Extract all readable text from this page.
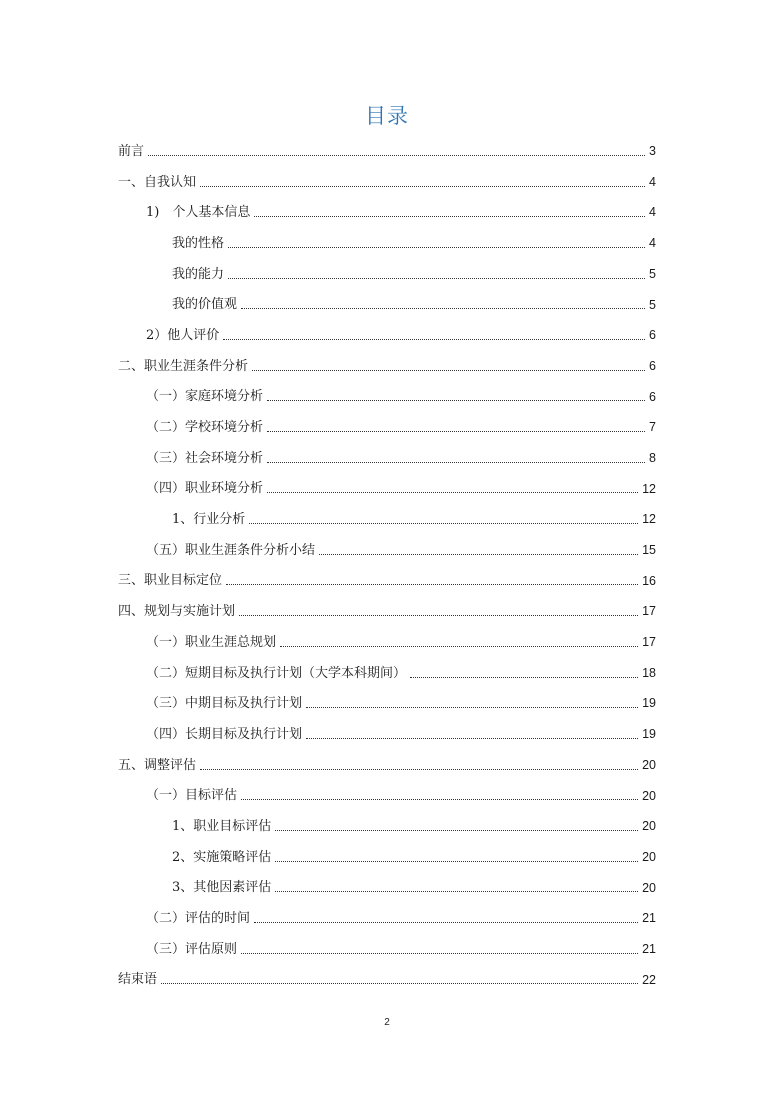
目录
前言	3
一、自我认知	4
1)　个人基本信息	4
我的性格	4
我的能力	5
我的价值观	5
2）他人评价	6
二、职业生涯条件分析	6
（一）家庭环境分析	6
（二）学校环境分析	7
（三）社会环境分析	8
（四）职业环境分析	12
1、行业分析	12
（五）职业生涯条件分析小结	15
三、职业目标定位	16
四、规划与实施计划	17
（一）职业生涯总规划	17
（二）短期目标及执行计划（大学本科期间）	18
（三）中期目标及执行计划	19
（四）长期目标及执行计划	19
五、调整评估	20
（一）目标评估	20
1、职业目标评估	20
2、实施策略评估	20
3、其他因素评估	20
（二）评估的时间	21
（三）评估原则	21
结束语	22
2
